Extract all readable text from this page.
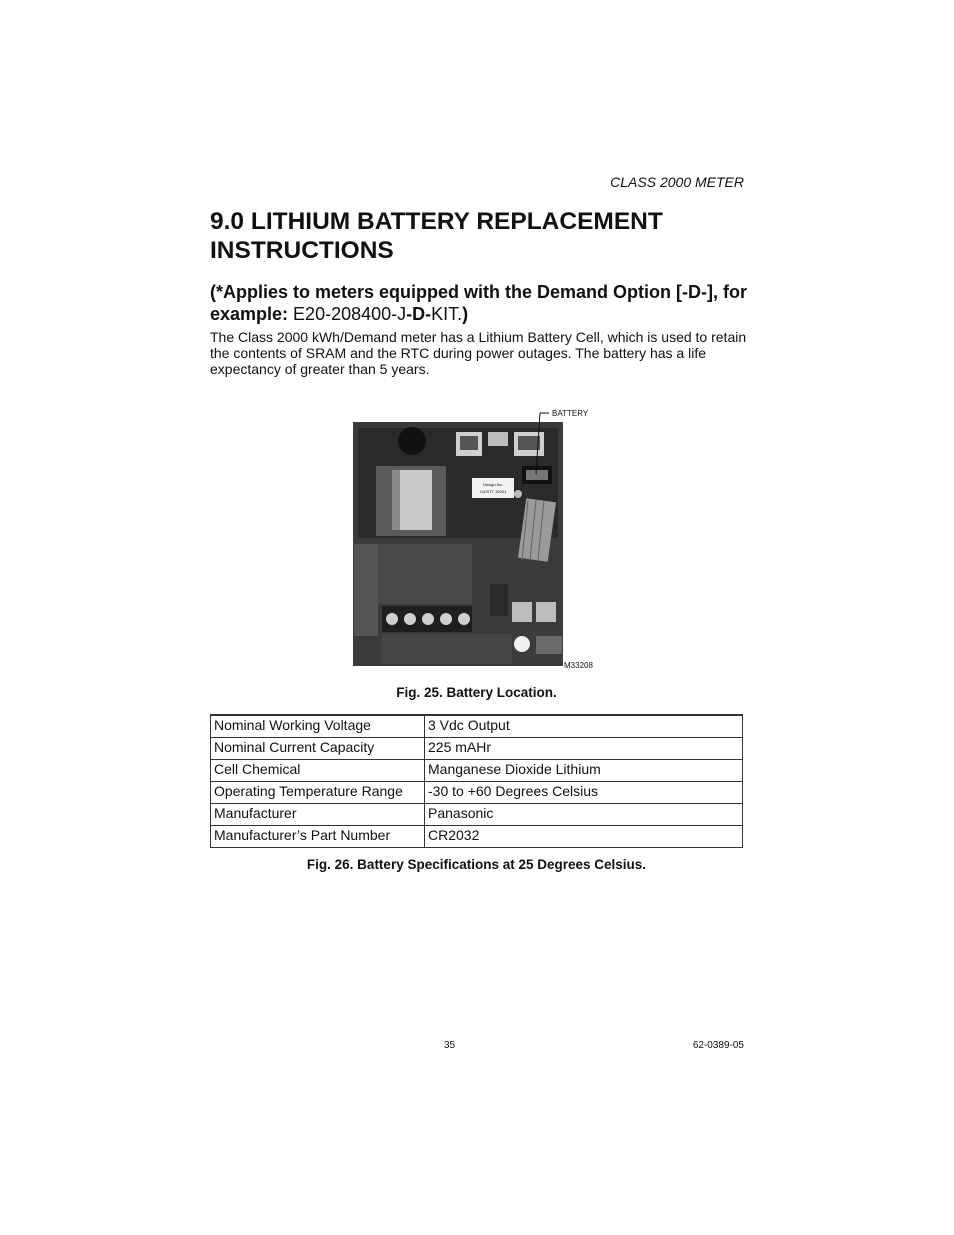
CLASS 2000 METER
9.0 LITHIUM BATTERY REPLACEMENT INSTRUCTIONS
(*Applies to meters equipped with the Demand Option [-D-], for example: E20-208400-J-D-KIT.)

The Class 2000 kWh/Demand meter has a Lithium Battery Cell, which is used to retain the contents of SRAM and the RTC during power outages. The battery has a life expectancy of greater than 5 years.

Design No.
1/4/STT 10051
BATTERY
M33208
Fig. 25. Battery Location.

Nominal Working Voltage	3 Vdc Output
Nominal Current Capacity	225 mAHr
Cell Chemical	Manganese Dioxide Lithium
Operating Temperature Range	-30 to +60 Degrees Celsius
Manufacturer	Panasonic
Manufacturer’s Part Number	CR2032
Fig. 26. Battery Specifications at 25 Degrees Celsius.
35	62-0389-05
